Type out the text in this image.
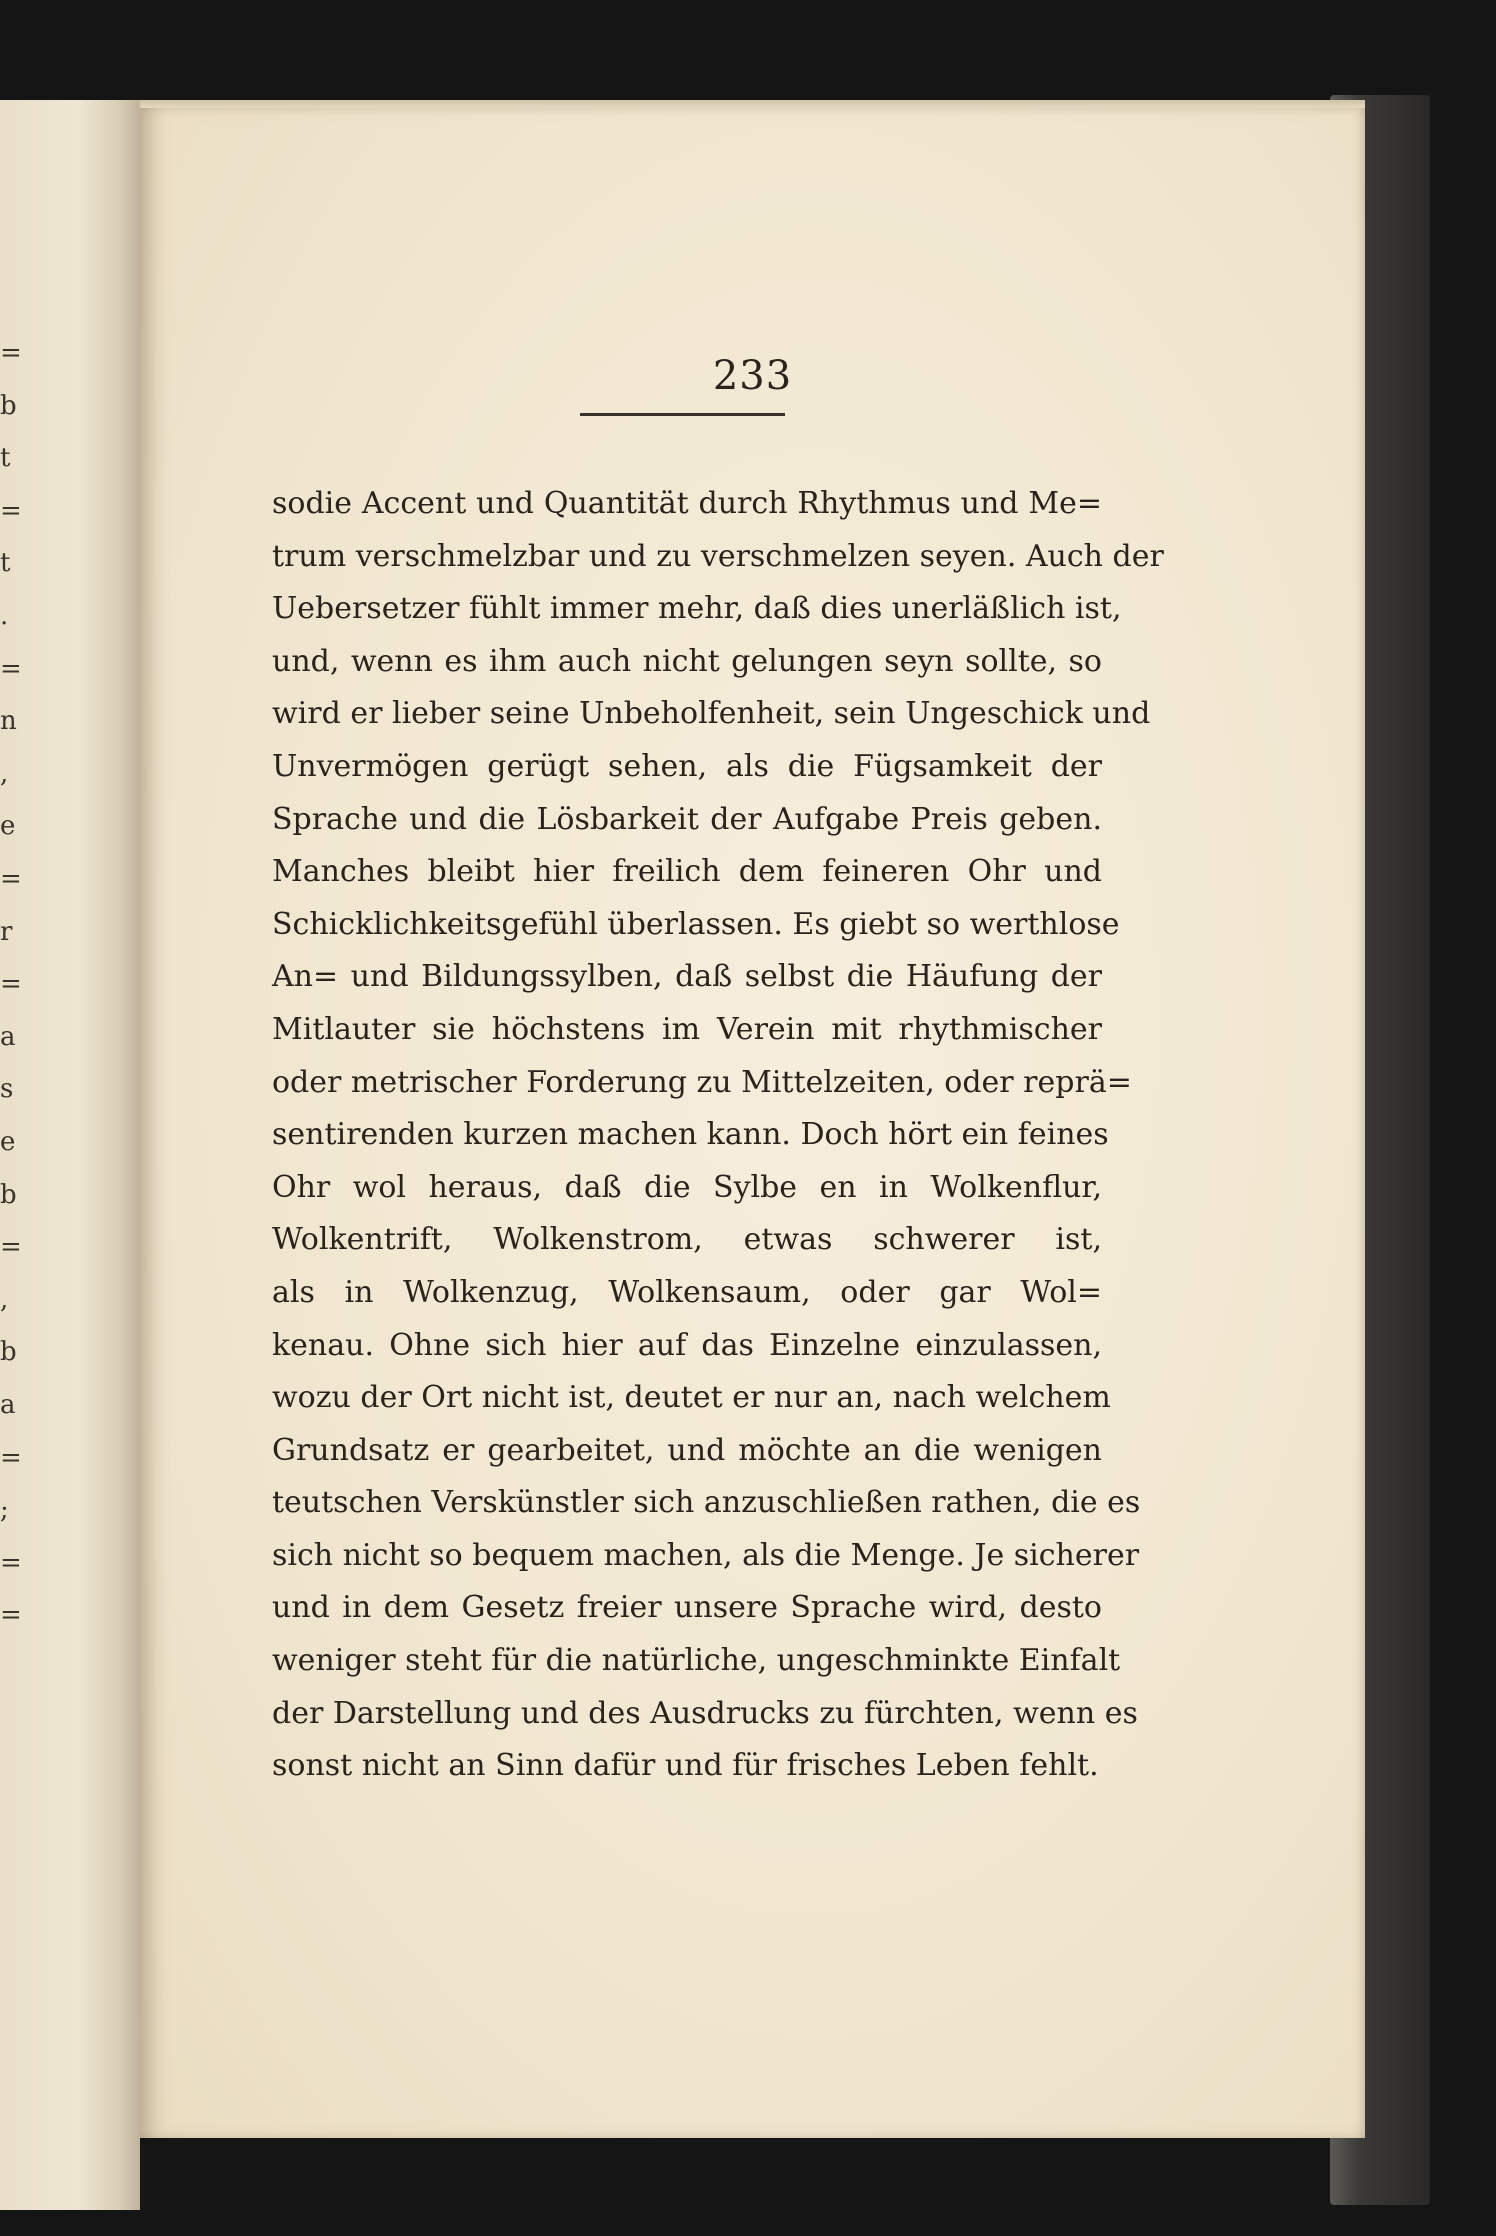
=
b
t
=
t
.
=
n
,
e
=
r
=
a
s
e
b
=
,
b
a
=
;
=
=
233
sodie Accent und Quantität durch Rhythmus und Me=
trum verschmelzbar und zu verschmelzen seyen. Auch der
Uebersetzer fühlt immer mehr, daß dies unerläßlich ist,
und, wenn es ihm auch nicht gelungen seyn sollte, so
wird er lieber seine Unbeholfenheit, sein Ungeschick und
Unvermögen gerügt sehen, als die Fügsamkeit der
Sprache und die Lösbarkeit der Aufgabe Preis geben.
Manches bleibt hier freilich dem feineren Ohr und
Schicklichkeitsgefühl überlassen. Es giebt so werthlose
An= und Bildungssylben, daß selbst die Häufung der
Mitlauter sie höchstens im Verein mit rhythmischer
oder metrischer Forderung zu Mittelzeiten, oder reprä=
sentirenden kurzen machen kann. Doch hört ein feines
Ohr wol heraus, daß die Sylbe en in Wolkenflur,
Wolkentrift, Wolkenstrom, etwas schwerer ist,
als in Wolkenzug, Wolkensaum, oder gar Wol=
kenau. Ohne sich hier auf das Einzelne einzulassen,
wozu der Ort nicht ist, deutet er nur an, nach welchem
Grundsatz er gearbeitet, und möchte an die wenigen
teutschen Verskünstler sich anzuschließen rathen, die es
sich nicht so bequem machen, als die Menge. Je sicherer
und in dem Gesetz freier unsere Sprache wird, desto
weniger steht für die natürliche, ungeschminkte Einfalt
der Darstellung und des Ausdrucks zu fürchten, wenn es
sonst nicht an Sinn dafür und für frisches Leben fehlt.
